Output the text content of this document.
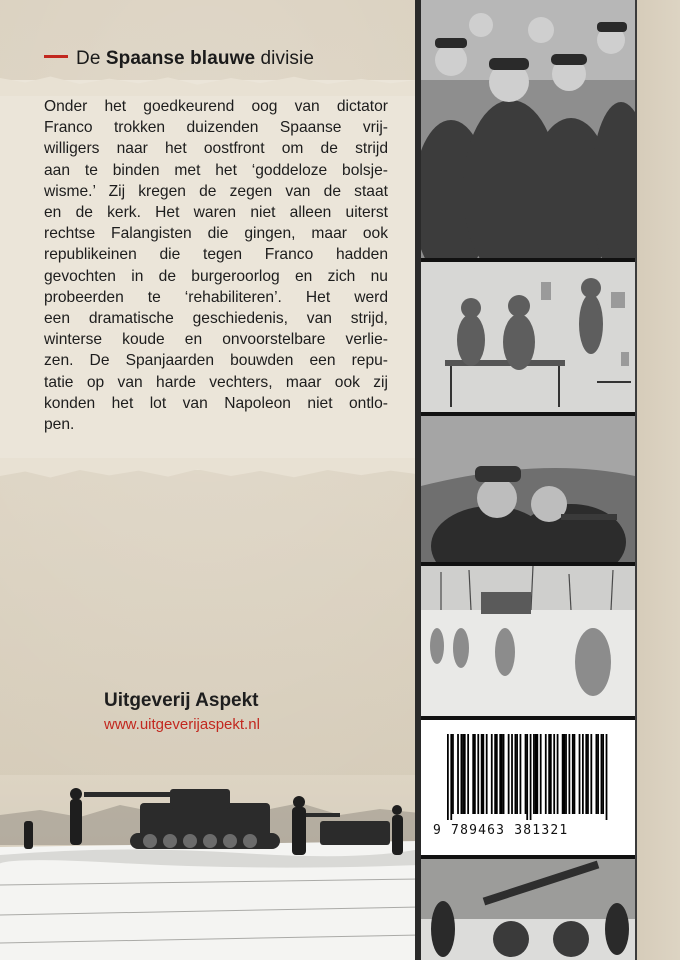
De Spaanse blauwe divisie

Onder het goedkeurend oog van dictator
Franco trokken duizenden Spaanse vrij-
willigers naar het oostfront om de strijd
aan te binden met het ‘goddeloze bolsje-
wisme.’ Zij kregen de zegen van de staat
en de kerk. Het waren niet alleen uiterst
rechtse Falangisten die gingen, maar ook
republikeinen die tegen Franco hadden
gevochten in de burgeroorlog en zich nu
probeerden te ‘rehabiliteren’. Het werd
een dramatische geschiedenis, van strijd,
winterse koude en onvoorstelbare verlie-
zen. De Spanjaarden bouwden een repu-
tatie op van harde vechters, maar ook zij
konden het lot van Napoleon niet ontlo-
pen.

Uitgeverij Aspekt

www.uitgeverijaspekt.nl

9 789463 381321
